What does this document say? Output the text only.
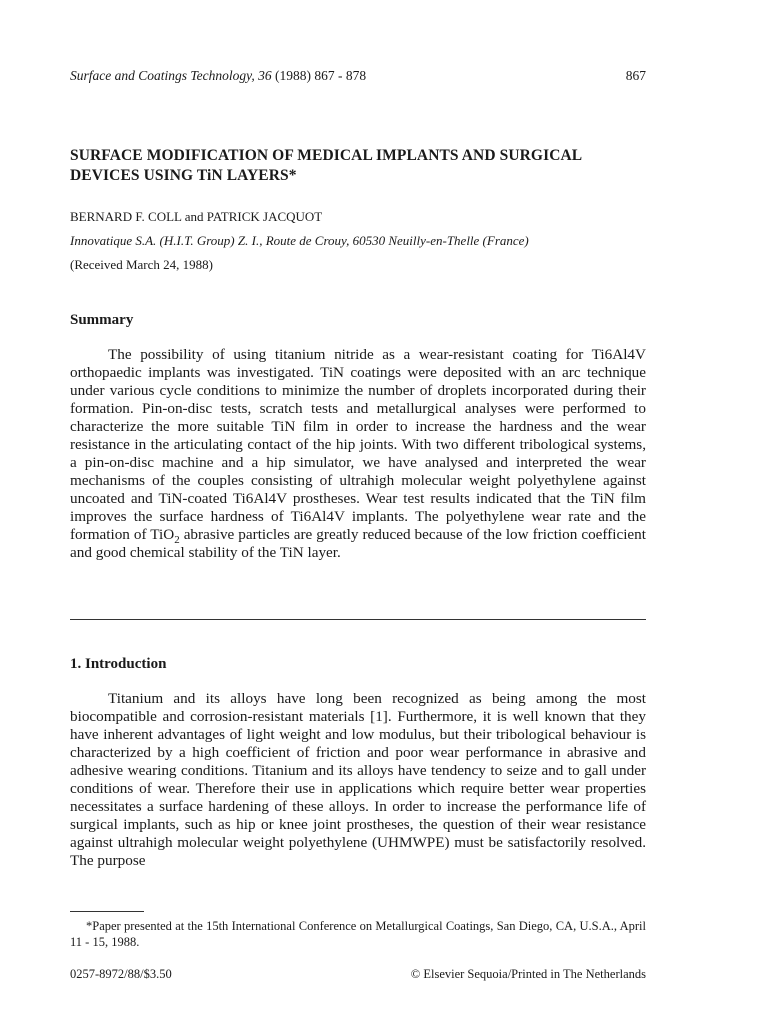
Surface and Coatings Technology, 36 (1988) 867 - 878	867
SURFACE MODIFICATION OF MEDICAL IMPLANTS AND SURGICAL DEVICES USING TiN LAYERS*

BERNARD F. COLL and PATRICK JACQUOT

Innovatique S.A. (H.I.T. Group) Z. I., Route de Crouy, 60530 Neuilly-en-Thelle (France)

(Received March 24, 1988)

Summary

The possibility of using titanium nitride as a wear-resistant coating for Ti6Al4V orthopaedic implants was investigated. TiN coatings were deposited with an arc technique under various cycle conditions to minimize the number of droplets incorporated during their formation. Pin-on-disc tests, scratch tests and metallurgical analyses were performed to characterize the more suitable TiN film in order to increase the hardness and the wear resistance in the articulating contact of the hip joints. With two different tribological systems, a pin-on-disc machine and a hip simulator, we have analysed and interpreted the wear mechanisms of the couples consisting of ultrahigh molecular weight polyethylene against uncoated and TiN-coated Ti6Al4V prostheses. Wear test results indicated that the TiN film improves the surface hardness of Ti6Al4V implants. The polyethylene wear rate and the formation of TiO$_2$ abrasive particles are greatly reduced because of the low friction coefficient and good chemical stability of the TiN layer.

1. Introduction

Titanium and its alloys have long been recognized as being among the most biocompatible and corrosion-resistant materials [1]. Furthermore, it is well known that they have inherent advantages of light weight and low modulus, but their tribological behaviour is characterized by a high coefficient of friction and poor wear performance in abrasive and adhesive wearing conditions. Titanium and its alloys have tendency to seize and to gall under conditions of wear. Therefore their use in applications which require better wear properties necessitates a surface hardening of these alloys. In order to increase the performance life of surgical implants, such as hip or knee joint prostheses, the question of their wear resistance against ultrahigh molecular weight polyethylene (UHMWPE) must be satisfactorily resolved. The purpose

*Paper presented at the 15th International Conference on Metallurgical Coatings, San Diego, CA, U.S.A., April 11 - 15, 1988.

0257-8972/88/$3.50	© Elsevier Sequoia/Printed in The Netherlands
